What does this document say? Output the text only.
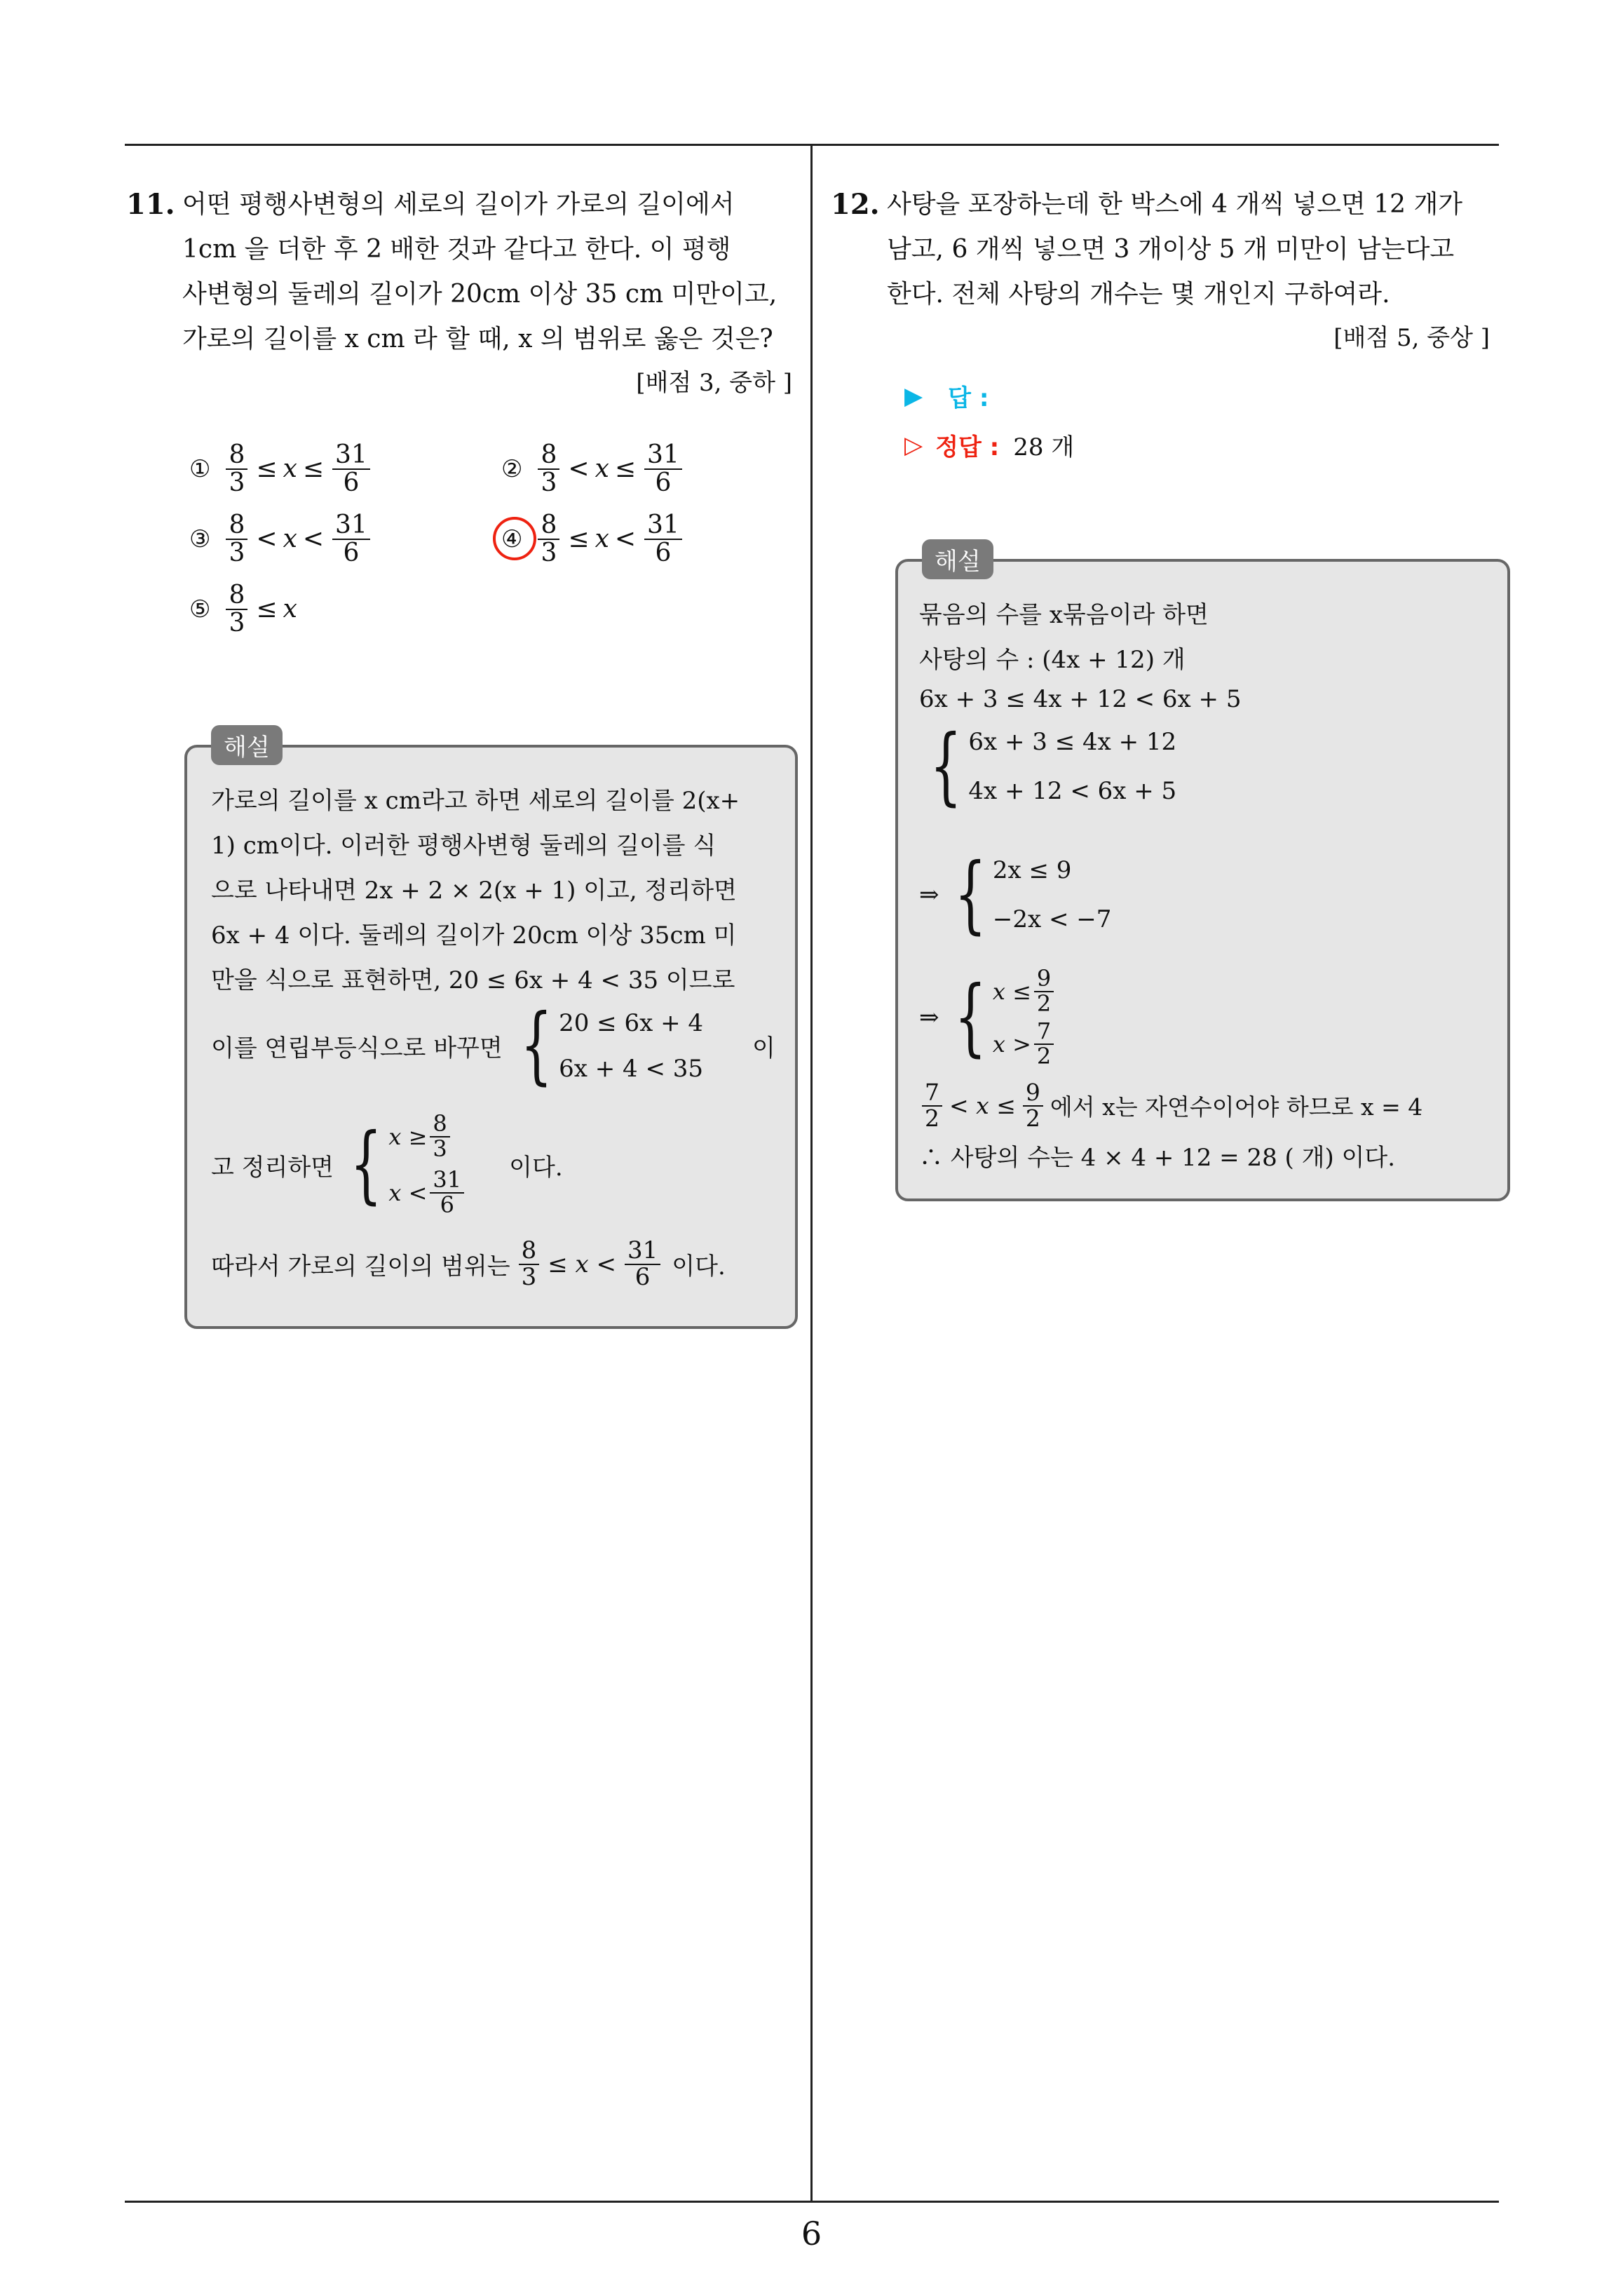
11. 어떤 평행사변형의 세로의 길이가 가로의 길이에서
1cm 을 더한 후 2 배한 것과 같다고 한다. 이 평행
사변형의 둘레의 길이가 20cm 이상 35 cm 미만이고,
가로의 길이를 x cm 라 할 때, x 의 범위로 옳은 것은?
[배점 3, 중하 ]
① $\frac{8}{3} \le x \le \frac{31}{6}$	② $\frac{8}{3} < x \le \frac{31}{6}$
③ $\frac{8}{3} < x < \frac{31}{6}$	④ $\frac{8}{3} \le x < \frac{31}{6}$
⑤ $\frac{8}{3} \le x$
해설
가로의 길이를 x cm라고 하면 세로의 길이를 2(x+
1) cm이다. 이러한 평행사변형 둘레의 길이를 식
으로 나타내면 2x + 2 × 2(x + 1) 이고, 정리하면
6x + 4 이다. 둘레의 길이가 20cm 이상 35cm 미
만을 식으로 표현하면, 20 ≤ 6x + 4 < 35 이므로
이를 연립부등식으로 바꾸면 { 20 ≤ 6x + 4
6x + 4 < 35
이
고 정리하면 { $x \ge \frac{8}{3}$
$x < \frac{31}{6}$
이다.
따라서 가로의 길이의 범위는 $\frac{8}{3} \le x < \frac{31}{6}$ 이다.
12. 사탕을 포장하는데 한 박스에 4 개씩 넣으면 12 개가
남고, 6 개씩 넣으면 3 개이상 5 개 미만이 남는다고
한다. 전체 사탕의 개수는 몇 개인지 구하여라.
[배점 5, 중상 ]
▶ 답 :
▷ 정답 : 28 개
해설
묶음의 수를 x묶음이라 하면
사탕의 수 : (4x + 12) 개
6x + 3 ≤ 4x + 12 < 6x + 5
{ 6x + 3 ≤ 4x + 12
4x + 12 < 6x + 5
⇒ { 2x ≤ 9
−2x < −7
⇒ { $x \le \frac{9}{2}$
$x > \frac{7}{2}$
$\frac{7}{2} < x \le \frac{9}{2}$ 에서 x는 자연수이어야 하므로 x = 4
∴ 사탕의 수는 4 × 4 + 12 = 28 ( 개) 이다.
6
